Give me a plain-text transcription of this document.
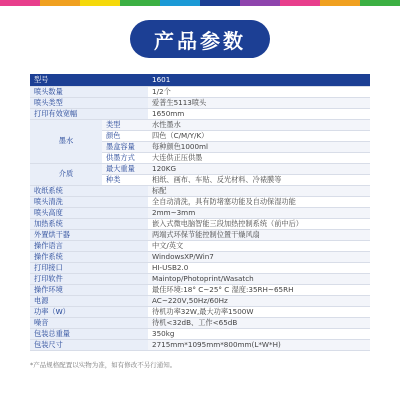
产品参数
型号		1601
喷头数量		1/2个
喷头类型		爱普生5113喷头
打印有效宽幅		1650mm
墨水	类型	水性墨水
	颜色	四色（C/M/Y/K）
	墨盒容量	每种颜色1000ml
	供墨方式	大连供正压供墨
介质	最大重量	120KG
	种类	相纸、画布、车贴、反光材料、冷裱膜等
收纸系统		标配
喷头清洗		全自动清洗，具有防堵塞功能及自动保湿功能
喷头高度		2mm~3mm
加热系统		嵌入式微电脑智能三段加热控制系统（前中后）
外置烘干器		两端式环保节能控制位置干燥风扇
操作语言		中文/英文
操作系统		WindowsXP/Win7
打印接口		HI-USB2.0
打印软件		Maintop/Photoprint/Wasatch
操作环境		最佳环境:18° C~25° C 湿度:35RH~65RH
电源		AC~220V,50Hz/60Hz
功率（W）		待机功率32W,最大功率1500W
噪音		待机<32dB、工作<65dB
包装总重量		350kg
包装尺寸		2715mm*1095mm*800mm(L*W*H)
*产品规格配置以实物为准，如有修改不另行通知。
